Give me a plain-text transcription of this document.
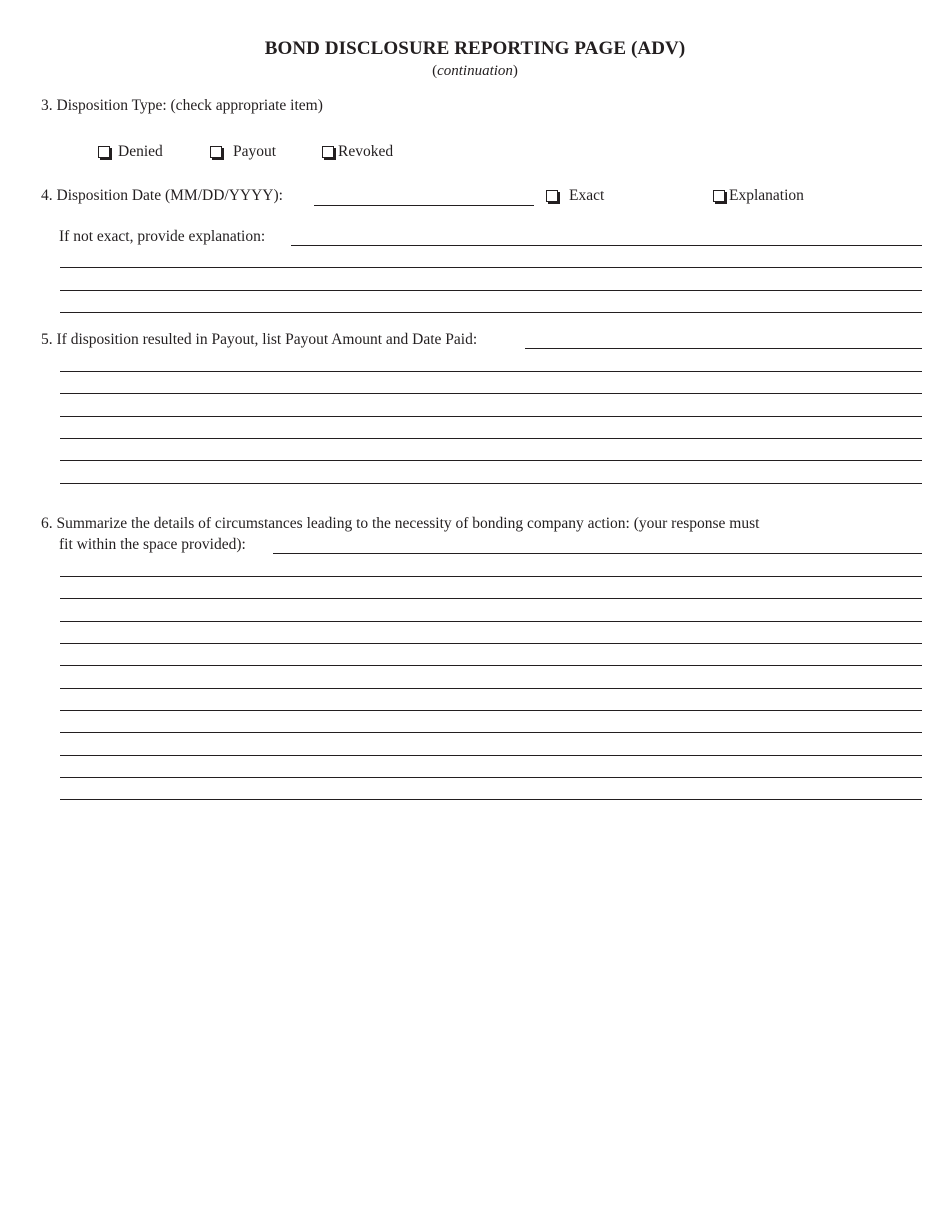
BOND DISCLOSURE REPORTING PAGE (ADV)
(continuation)
3. Disposition Type: (check appropriate item)
Denied	Payout	Revoked
4. Disposition Date (MM/DD/YYYY):	Exact	Explanation
If not exact, provide explanation:
5. If disposition resulted in Payout, list Payout Amount and Date Paid:
6. Summarize the details of circumstances leading to the necessity of bonding company action: (your response must
fit within the space provided):
